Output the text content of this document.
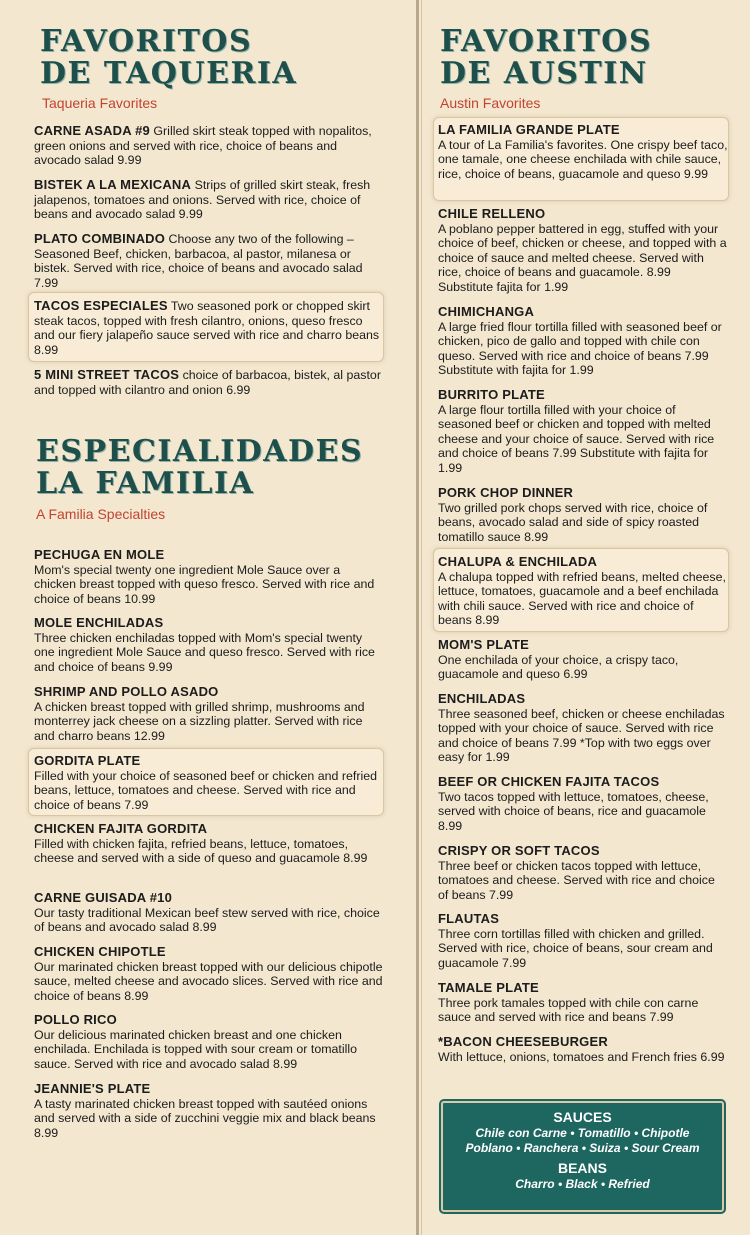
FAVORITOS
DE TAQUERIA

Taqueria Favorites

CARNE ASADA #9 Grilled skirt steak topped with nopalitos, green onions and served with rice, choice of beans and avocado salad 9.99
BISTEK A LA MEXICANA Strips of grilled skirt steak, fresh jalapenos, tomatoes and onions. Served with rice, choice of beans and avocado salad 9.99
PLATO COMBINADO Choose any two of the following – Seasoned Beef, chicken, barbacoa, al pastor, milanesa or bistek. Served with rice, choice of beans and avocado salad 7.99
TACOS ESPECIALES Two seasoned pork or chopped skirt steak tacos, topped with fresh cilantro, onions, queso fresco and our fiery jalapeño sauce served with rice and charro beans 8.99
5 MINI STREET TACOS choice of barbacoa, bistek, al pastor and topped with cilantro and onion 6.99
ESPECIALIDADES
LA FAMILIA

A Familia Specialties

PECHUGA EN MOLE
Mom's special twenty one ingredient Mole Sauce over a chicken breast topped with queso fresco. Served with rice and choice of beans 10.99
MOLE ENCHILADAS
Three chicken enchiladas topped with Mom's special twenty one ingredient Mole Sauce and queso fresco. Served with rice and choice of beans 9.99
SHRIMP AND POLLO ASADO
A chicken breast topped with grilled shrimp, mushrooms and monterrey jack cheese on a sizzling platter. Served with rice and charro beans 12.99
GORDITA PLATE
Filled with your choice of seasoned beef or chicken and refried beans, lettuce, tomatoes and cheese. Served with rice and choice of beans 7.99
CHICKEN FAJITA GORDITA
Filled with chicken fajita, refried beans, lettuce, tomatoes, cheese and served with a side of queso and guacamole 8.99
CARNE GUISADA #10
Our tasty traditional Mexican beef stew served with rice, choice of beans and avocado salad 8.99
CHICKEN CHIPOTLE
Our marinated chicken breast topped with our delicious chipotle sauce, melted cheese and avocado slices. Served with rice and choice of beans 8.99
POLLO RICO
Our delicious marinated chicken breast and one chicken enchilada. Enchilada is topped with sour cream or tomatillo sauce. Served with rice and avocado salad 8.99
JEANNIE'S PLATE
A tasty marinated chicken breast topped with sautéed onions and served with a side of zucchini veggie mix and black beans 8.99
FAVORITOS
DE AUSTIN

Austin Favorites

LA FAMILIA GRANDE PLATE
A tour of La Familia's favorites. One crispy beef taco, one tamale, one cheese enchilada with chile sauce, rice, choice of beans, guacamole and queso 9.99
CHILE RELLENO
A poblano pepper battered in egg, stuffed with your choice of beef, chicken or cheese, and topped with a choice of sauce and melted cheese. Served with rice, choice of beans and guacamole. 8.99 Substitute fajita for 1.99
CHIMICHANGA
A large fried flour tortilla filled with seasoned beef or chicken, pico de gallo and topped with chile con queso. Served with rice and choice of beans 7.99 Substitute with fajita for 1.99
BURRITO PLATE
A large flour tortilla filled with your choice of seasoned beef or chicken and topped with melted cheese and your choice of sauce. Served with rice and choice of beans 7.99 Substitute with fajita for 1.99
PORK CHOP DINNER
Two grilled pork chops served with rice, choice of beans, avocado salad and side of spicy roasted tomatillo sauce 8.99
CHALUPA & ENCHILADA
A chalupa topped with refried beans, melted cheese, lettuce, tomatoes, guacamole and a beef enchilada with chili sauce. Served with rice and choice of beans 8.99
MOM'S PLATE
One enchilada of your choice, a crispy taco, guacamole and queso 6.99
ENCHILADAS
Three seasoned beef, chicken or cheese enchiladas topped with your choice of sauce. Served with rice and choice of beans 7.99 *Top with two eggs over easy for 1.99
BEEF OR CHICKEN FAJITA TACOS
Two tacos topped with lettuce, tomatoes, cheese, served with choice of beans, rice and guacamole 8.99
CRISPY OR SOFT TACOS
Three beef or chicken tacos topped with lettuce, tomatoes and cheese. Served with rice and choice of beans 7.99
FLAUTAS
Three corn tortillas filled with chicken and grilled. Served with rice, choice of beans, sour cream and guacamole 7.99
TAMALE PLATE
Three pork tamales topped with chile con carne sauce and served with rice and beans 7.99
*BACON CHEESEBURGER
With lettuce, onions, tomatoes and French fries 6.99
SAUCES
Chile con Carne • Tomatillo • Chipotle
Poblano • Ranchera • Suiza • Sour Cream
BEANS
Charro • Black • Refried
